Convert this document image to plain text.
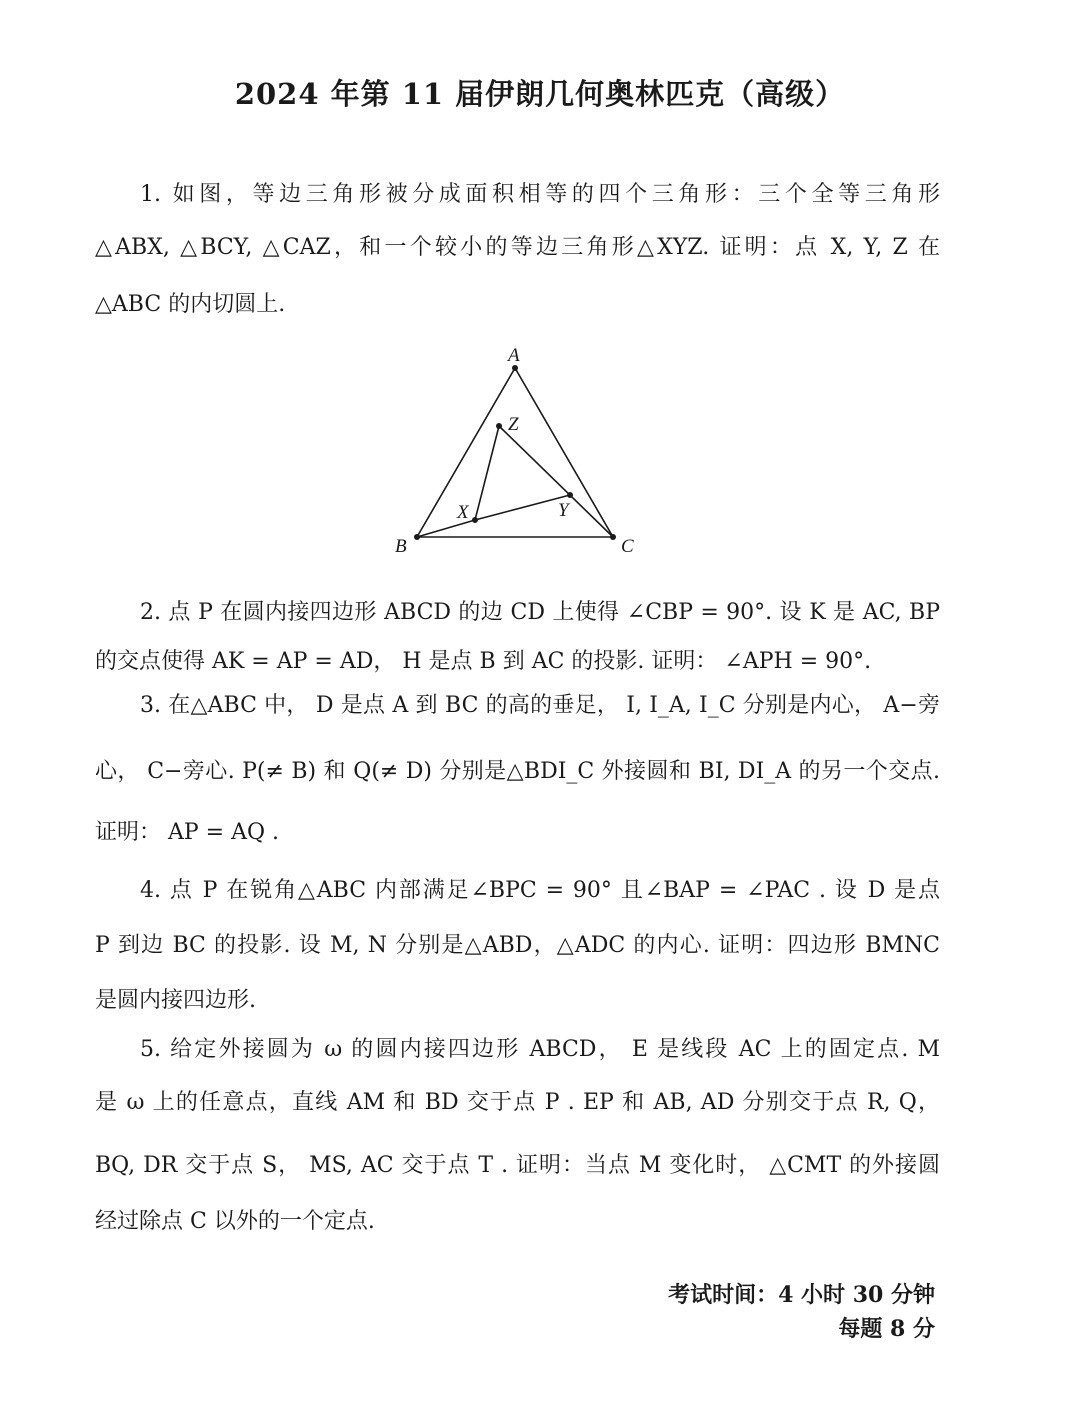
2024 年第 11 届伊朗几何奥林匹克（高级）
1. 如图，等边三角形被分成面积相等的四个三角形：三个全等三角形
△ABX, △BCY, △CAZ，和一个较小的等边三角形△XYZ. 证明：点 X, Y, Z 在
△ABC 的内切圆上.
A
B	C
X	Y
Z
2. 点 P 在圆内接四边形 ABCD 的边 CD 上使得 ∠CBP = 90°. 设 K 是 AC, BP
的交点使得 AK = AP = AD， H 是点 B 到 AC 的投影. 证明： ∠APH = 90°.
3. 在△ABC 中， D 是点 A 到 BC 的高的垂足， I, I_A, I_C 分别是内心， A−旁
心， C−旁心. P(≠ B) 和 Q(≠ D) 分别是△BDI_C 外接圆和 BI, DI_A 的另一个交点.
证明： AP = AQ .
4. 点 P 在锐角△ABC 内部满足∠BPC = 90° 且∠BAP = ∠PAC . 设 D 是点
P 到边 BC 的投影. 设 M, N 分别是△ABD，△ADC 的内心. 证明：四边形 BMNC
是圆内接四边形.
5. 给定外接圆为 ω 的圆内接四边形 ABCD， E 是线段 AC 上的固定点. M
是 ω 上的任意点，直线 AM 和 BD 交于点 P . EP 和 AB, AD 分别交于点 R, Q，
BQ, DR 交于点 S， MS, AC 交于点 T . 证明：当点 M 变化时， △CMT 的外接圆
经过除点 C 以外的一个定点.
考试时间：4 小时 30 分钟
每题 8 分
